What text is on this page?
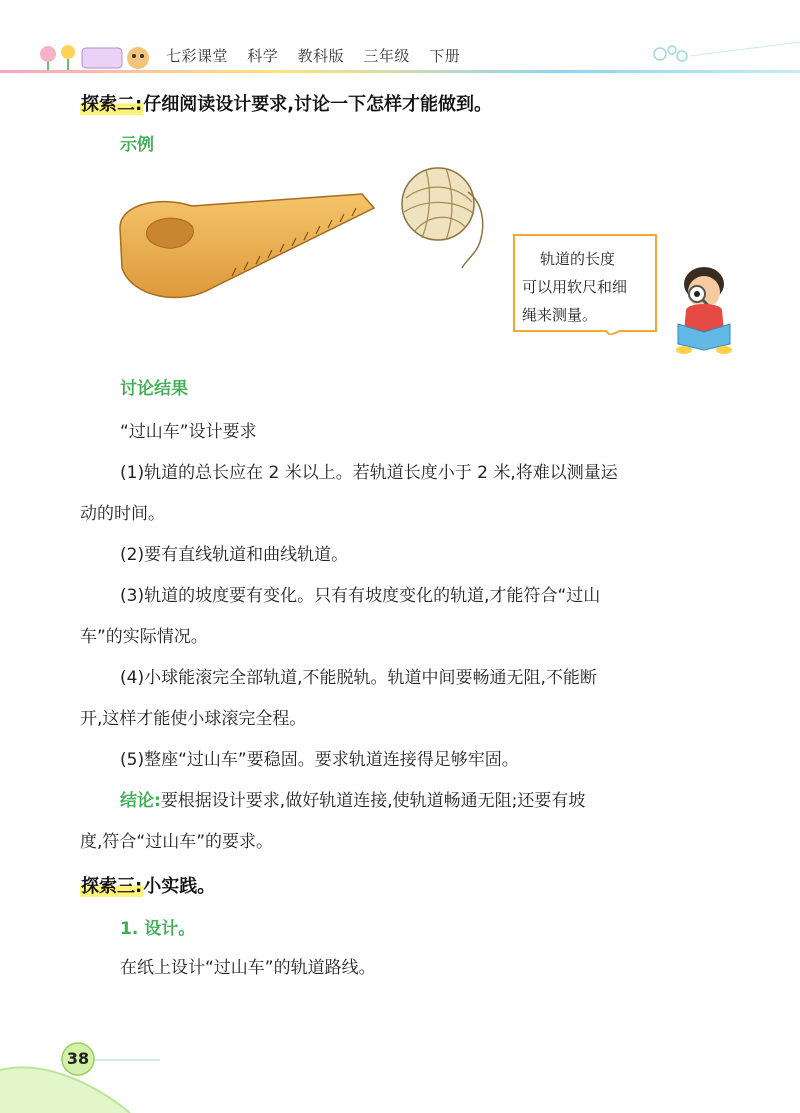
七彩课堂 科学 教科版 三年级 下册
探索二:仔细阅读设计要求,讨论一下怎样才能做到。
示例
轨道的长度
可以用软尺和细
绳来测量。
讨论结果
“过山车”设计要求
(1)轨道的总长应在 2 米以上。若轨道长度小于 2 米,将难以测量运
动的时间。
(2)要有直线轨道和曲线轨道。
(3)轨道的坡度要有变化。只有有坡度变化的轨道,才能符合“过山
车”的实际情况。
(4)小球能滚完全部轨道,不能脱轨。轨道中间要畅通无阻,不能断
开,这样才能使小球滚完全程。
(5)整座“过山车”要稳固。要求轨道连接得足够牢固。
结论:要根据设计要求,做好轨道连接,使轨道畅通无阻;还要有坡
度,符合“过山车”的要求。
探索三:小实践。
1. 设计。
在纸上设计“过山车”的轨道路线。
38
